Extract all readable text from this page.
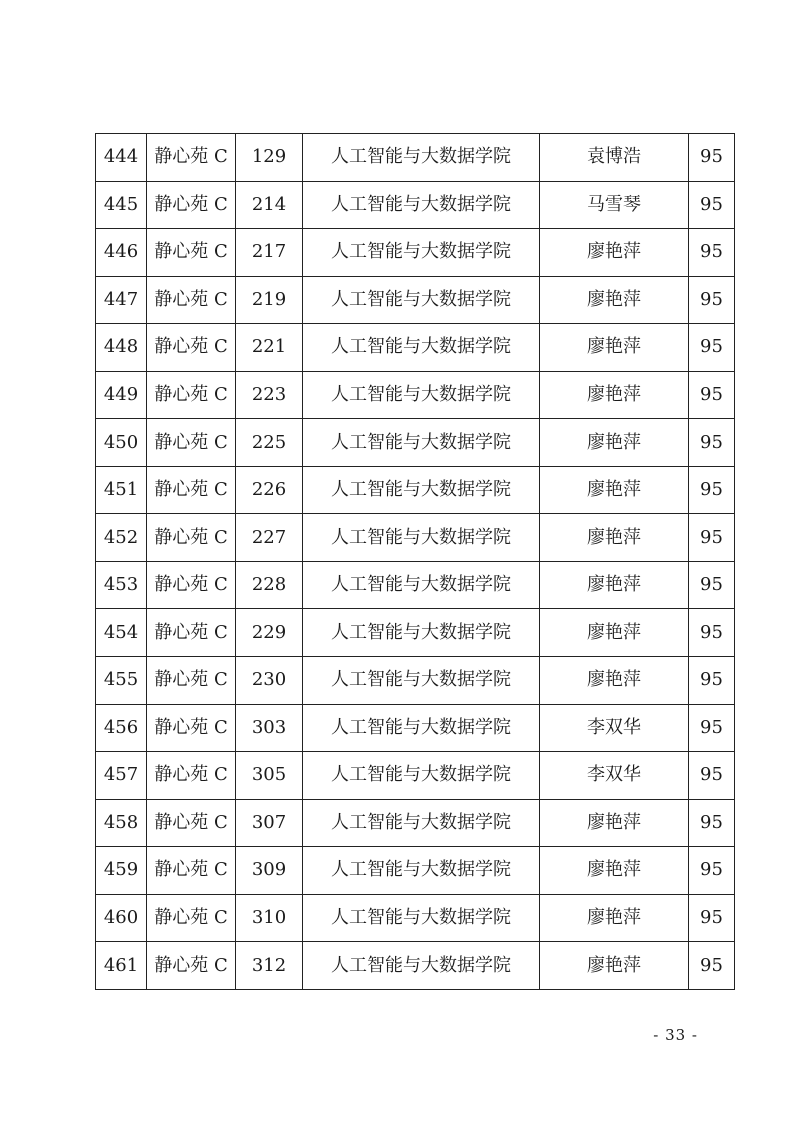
444	静心苑 C	129	人工智能与大数据学院	袁博浩	95
445	静心苑 C	214	人工智能与大数据学院	马雪琴	95
446	静心苑 C	217	人工智能与大数据学院	廖艳萍	95
447	静心苑 C	219	人工智能与大数据学院	廖艳萍	95
448	静心苑 C	221	人工智能与大数据学院	廖艳萍	95
449	静心苑 C	223	人工智能与大数据学院	廖艳萍	95
450	静心苑 C	225	人工智能与大数据学院	廖艳萍	95
451	静心苑 C	226	人工智能与大数据学院	廖艳萍	95
452	静心苑 C	227	人工智能与大数据学院	廖艳萍	95
453	静心苑 C	228	人工智能与大数据学院	廖艳萍	95
454	静心苑 C	229	人工智能与大数据学院	廖艳萍	95
455	静心苑 C	230	人工智能与大数据学院	廖艳萍	95
456	静心苑 C	303	人工智能与大数据学院	李双华	95
457	静心苑 C	305	人工智能与大数据学院	李双华	95
458	静心苑 C	307	人工智能与大数据学院	廖艳萍	95
459	静心苑 C	309	人工智能与大数据学院	廖艳萍	95
460	静心苑 C	310	人工智能与大数据学院	廖艳萍	95
461	静心苑 C	312	人工智能与大数据学院	廖艳萍	95
- 33 -
